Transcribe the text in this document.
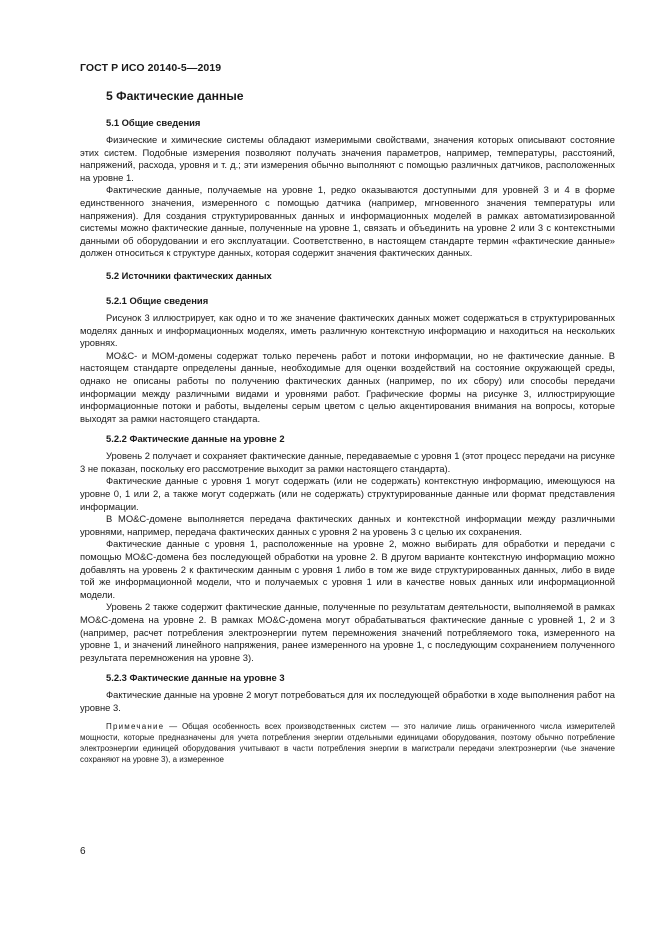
ГОСТ Р ИСО 20140-5—2019
5 Фактические данные
5.1 Общие сведения

Физические и химические системы обладают измеримыми свойствами, значения которых описывают состояние этих систем. Подобные измерения позволяют получать значения параметров, например, температуры, расстояний, напряжений, расхода, уровня и т. д.; эти измерения обычно выполняют с помощью различных датчиков, расположенных на уровне 1.

Фактические данные, получаемые на уровне 1, редко оказываются доступными для уровней 3 и 4 в форме единственного значения, измеренного с помощью датчика (например, мгновенного значения температуры или напряжения). Для создания структурированных данных и информационных моделей в рамках автоматизированной системы можно фактические данные, полученные на уровне 1, связать и объединить на уровне 2 или 3 с контекстными данными об оборудовании и его эксплуатации. Соответственно, в настоящем стандарте термин «фактические данные» должен относиться к структуре данных, которая содержит значения фактических данных.

5.2 Источники фактических данных
5.2.1 Общие сведения

Рисунок 3 иллюстрирует, как одно и то же значение фактических данных может содержаться в структурированных моделях данных и информационных моделях, иметь различную контекстную информацию и находиться на нескольких уровнях.

MO&C- и MOM-домены содержат только перечень работ и потоки информации, но не фактические данные. В настоящем стандарте определены данные, необходимые для оценки воздействий на состояние окружающей среды, однако не описаны работы по получению фактических данных (например, по их сбору) или способы передачи информации между различными видами и уровнями работ. Графические формы на рисунке 3, иллюстрирующие информационные потоки и работы, выделены серым цветом с целью акцентирования внимания на вопросы, которые выходят за рамки настоящего стандарта.

5.2.2 Фактические данные на уровне 2

Уровень 2 получает и сохраняет фактические данные, передаваемые с уровня 1 (этот процесс передачи на рисунке 3 не показан, поскольку его рассмотрение выходит за рамки настоящего стандарта).

Фактические данные с уровня 1 могут содержать (или не содержать) контекстную информацию, имеющуюся на уровне 0, 1 или 2, а также могут содержать (или не содержать) структурированные данные или формат представления информации.

В MO&C-домене выполняется передача фактических данных и контекстной информации между различными уровнями, например, передача фактических данных с уровня 2 на уровень 3 с целью их сохранения.

Фактические данные с уровня 1, расположенные на уровне 2, можно выбирать для обработки и передачи с помощью MO&C-домена без последующей обработки на уровне 2. В другом варианте контекстную информацию можно добавлять на уровень 2 к фактическим данным с уровня 1 либо в том же виде структурированных данных, либо в виде той же информационной модели, что и получаемых с уровня 1 или в качестве новых данных или информационной модели.

Уровень 2 также содержит фактические данные, полученные по результатам деятельности, выполняемой в рамках MO&C-домена на уровне 2. В рамках MO&C-домена могут обрабатываться фактические данные с уровней 1, 2 и 3 (например, расчет потребления электроэнергии путем перемножения значений потребляемого тока, измеренного на уровне 1, и значений линейного напряжения, ранее измеренного на уровне 1, с последующим сохранением полученного результата перемножения на уровне 3).

5.2.3 Фактические данные на уровне 3

Фактические данные на уровне 2 могут потребоваться для их последующей обработки в ходе выполнения работ на уровне 3.

Примечание — Общая особенность всех производственных систем — это наличие лишь ограниченного числа измерителей мощности, которые предназначены для учета потребления энергии отдельными единицами оборудования, поэтому обычно потребление электроэнергии единицей оборудования учитывают в части потребления энергии в магистрали передачи электроэнергии (чье значение сохраняют на уровне 3), а измеренное

6
